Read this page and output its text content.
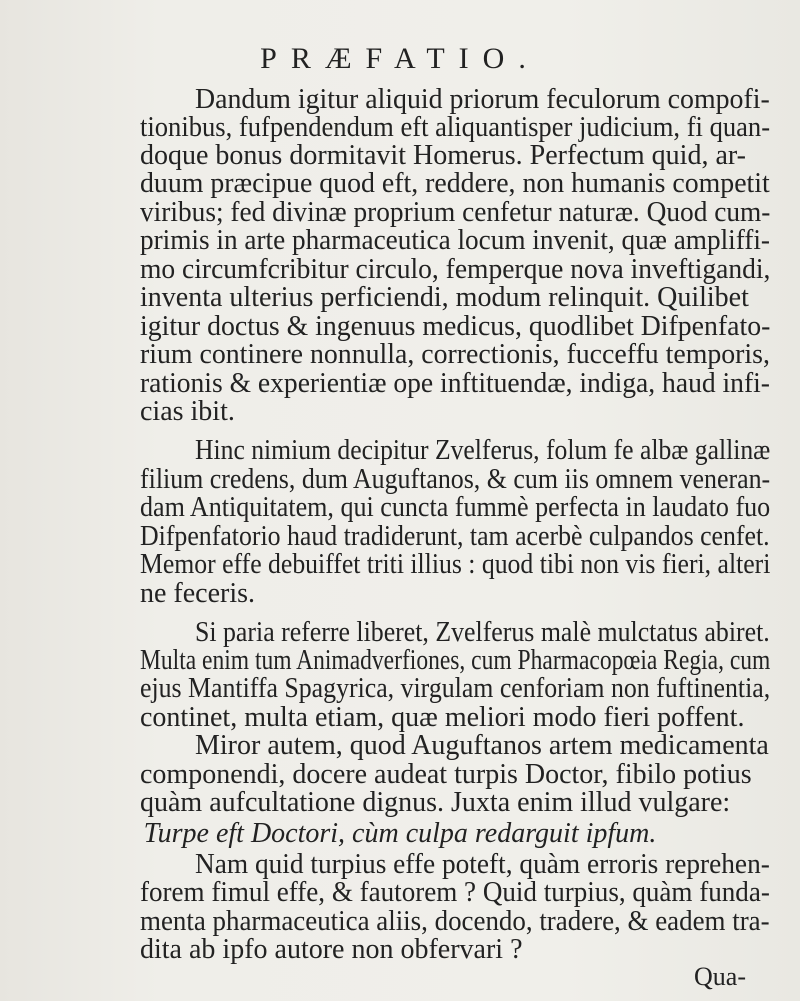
PRÆFATIO.
Dandum igitur aliquid priorum feculorum compofi-
tionibus, fufpendendum eft aliquantisper judicium, fi quan-
doque bonus dormitavit Homerus. Perfectum quid, ar-
duum præcipue quod eft, reddere, non humanis competit
viribus; fed divinæ proprium cenfetur naturæ. Quod cum-
primis in arte pharmaceutica locum invenit, quæ ampliffi-
mo circumfcribitur circulo, femperque nova inveftigandi,
inventa ulterius perficiendi, modum relinquit. Quilibet
igitur doctus & ingenuus medicus, quodlibet Difpenfato-
rium continere nonnulla, correctionis, fucceffu temporis,
rationis & experientiæ ope inftituendæ, indiga, haud infi-
cias ibit.
Hinc nimium decipitur Zvelferus, folum fe albæ gallinæ
filium credens, dum Auguftanos, & cum iis omnem veneran-
dam Antiquitatem, qui cuncta fummè perfecta in laudato fuo
Difpenfatorio haud tradiderunt, tam acerbè culpandos cenfet.
Memor effe debuiffet triti illius : quod tibi non vis fieri, alteri
ne feceris.
Si paria referre liberet, Zvelferus malè mulctatus abiret.
Multa enim tum Animadverfiones, cum Pharmacopœia Regia, cum
ejus Mantiffa Spagyrica, virgulam cenforiam non fuftinentia,
continet, multa etiam, quæ meliori modo fieri poffent.
Miror autem, quod Auguftanos artem medicamenta
componendi, docere audeat turpis Doctor, fibilo potius
quàm aufcultatione dignus. Juxta enim illud vulgare:
Turpe eft Doctori, cùm culpa redarguit ipfum.
Nam quid turpius effe poteft, quàm erroris reprehen-
forem fimul effe, & fautorem ? Quid turpius, quàm funda-
menta pharmaceutica aliis, docendo, tradere, & eadem tra-
dita ab ipfo autore non obfervari ?
Qua-
